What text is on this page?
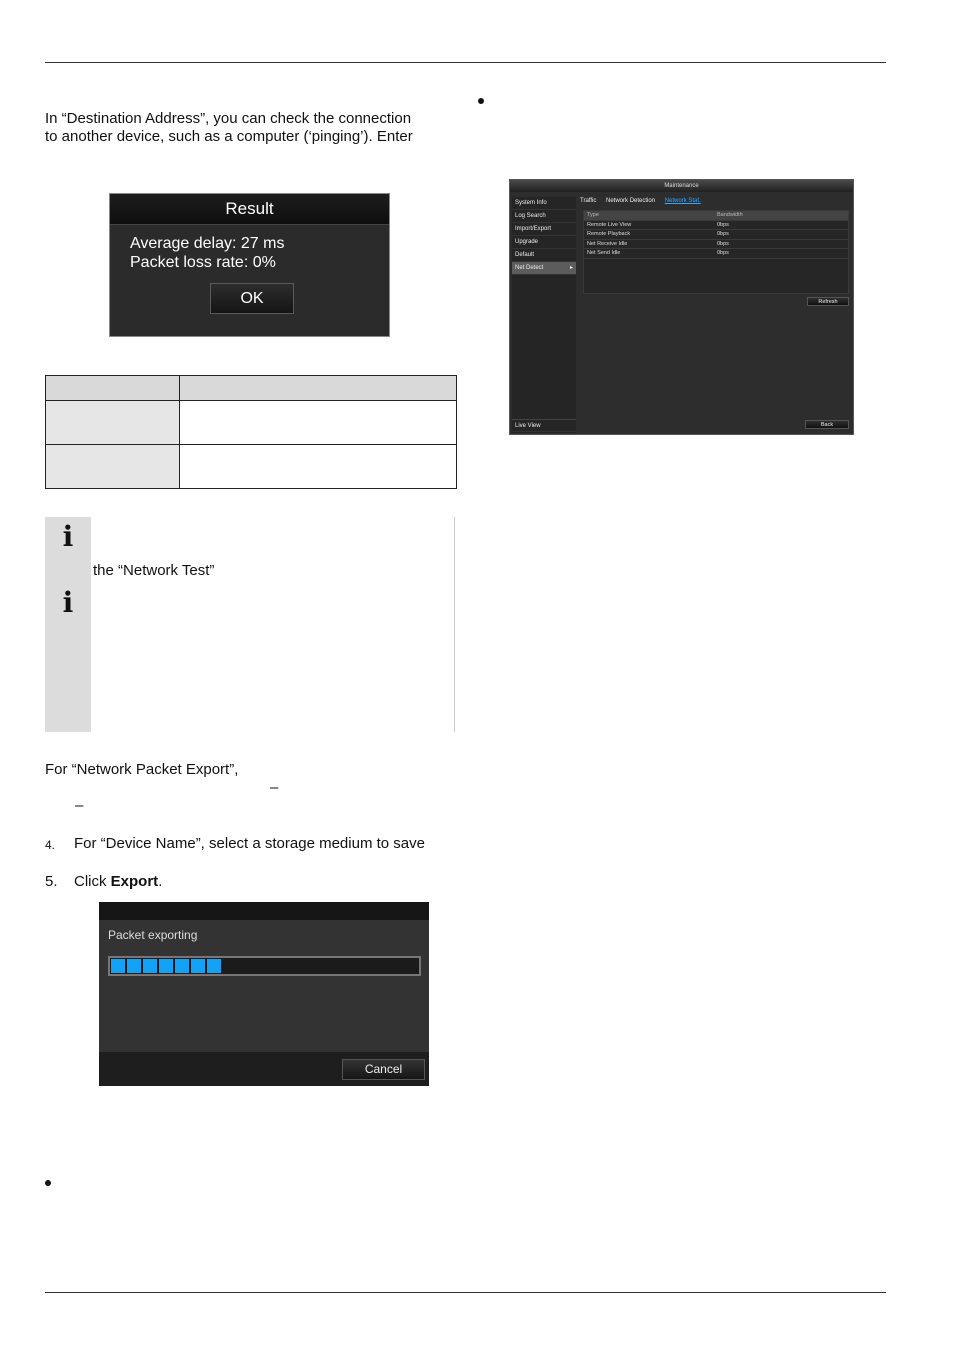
In “Destination Address”, you can check the connection
to another device, such as a computer (‘pinging’). Enter
Result
Average delay: 27 ms
Packet loss rate: 0%
OK
i
i
the “Network Test”
For “Network Packet Export”,
–
–
4. For “Device Name”, select a storage medium to save
5. Click Export.
Packet exporting
Cancel
Maintenance
System Info
Log Search
Import/Export
Upgrade
Default
Net Detect	▸
Live View
Traffic Network Detection Network Stat.
Type	Bandwidth
Remote Live View	0bps
Remote Playback	0bps
Net Receive Idle	0bps
Net Send Idle	0bps
Refresh
Back
